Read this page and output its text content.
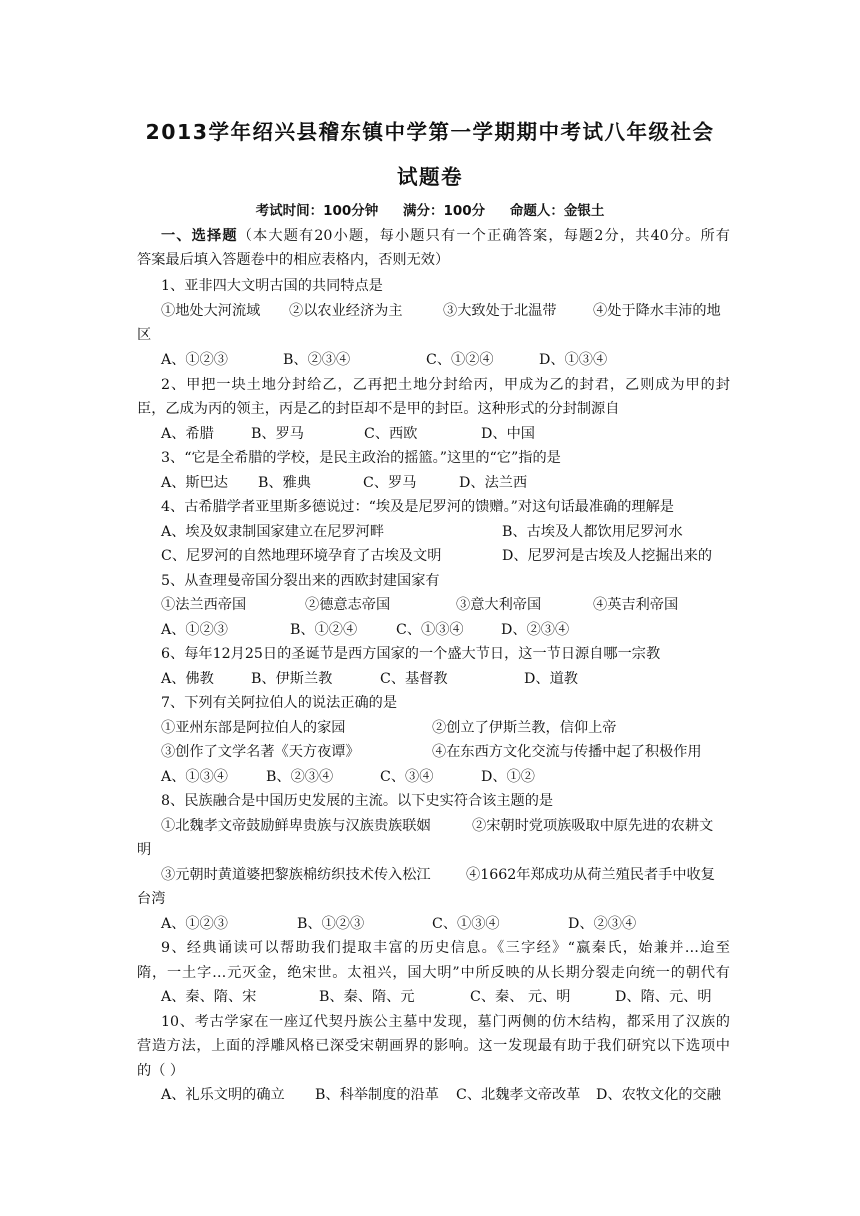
2013学年绍兴县稽东镇中学第一学期期中考试八年级社会
试题卷
考试时间：100分钟 满分：100分 命题人：金银土
一、选择题（本大题有20小题，每小题只有一个正确答案，每题2分，共40分。所有
答案最后填入答题卷中的相应表格内，否则无效）
1、亚非四大文明古国的共同特点是
①地处大河流域 ②以农业经济为主	③大致处于北温带	④处于降水丰沛的地
区
A、①②③	B、②③④	C、①②④	D、①③④
2、甲把一块土地分封给乙，乙再把土地分封给丙，甲成为乙的封君，乙则成为甲的封
臣，乙成为丙的领主，丙是乙的封臣却不是甲的封臣。这种形式的分封制源自
A、希腊	B、罗马	C、西欧	D、中国
3、“它是全希腊的学校，是民主政治的摇篮。”这里的“它”指的是
A、斯巴达 B、雅典	C、罗马	D、法兰西
4、古希腊学者亚里斯多德说过：“埃及是尼罗河的馈赠。”对这句话最准确的理解是
A、埃及奴隶制国家建立在尼罗河畔	B、古埃及人都饮用尼罗河水
C、尼罗河的自然地理环境孕育了古埃及文明	D、尼罗河是古埃及人挖掘出来的
5、从查理曼帝国分裂出来的西欧封建国家有
①法兰西帝国	②德意志帝国	③意大利帝国	④英吉利帝国
A、①②③	B、①②④	C、①③④	D、②③④
6、每年12月25日的圣诞节是西方国家的一个盛大节日，这一节日源自哪一宗教
A、佛教	B、伊斯兰教	C、基督教	D、道教
7、下列有关阿拉伯人的说法正确的是
①亚州东部是阿拉伯人的家园	②创立了伊斯兰教，信仰上帝
③创作了文学名著《天方夜谭》	④在东西方文化交流与传播中起了积极作用
A、①③④	B、②③④	C、③④	D、①②
8、民族融合是中国历史发展的主流。以下史实符合该主题的是
①北魏孝文帝鼓励鲜卑贵族与汉族贵族联姻	②宋朝时党项族吸取中原先进的农耕文
明
③元朝时黄道婆把黎族棉纺织技术传入松江 ④1662年郑成功从荷兰殖民者手中收复
台湾
A、①②③	B、①②③	C、①③④	D、②③④
9、经典诵读可以帮助我们提取丰富的历史信息。《三字经》“嬴秦氏，始兼并…迨至
隋，一土字…元灭金，绝宋世。太祖兴，国大明”中所反映的从长期分裂走向统一的朝代有
A、秦、隋、宋	B、秦、隋、元	C、秦、 元、明	D、隋、元、明
10、考古学家在一座辽代契丹族公主墓中发现，墓门两侧的仿木结构，都采用了汉族的
营造方法，上面的浮雕风格已深受宋朝画界的影响。这一发现最有助于我们研究以下选项中
的（ ）
A、礼乐文明的确立 B、科举制度的沿革 C、北魏孝文帝改革 D、农牧文化的交融
